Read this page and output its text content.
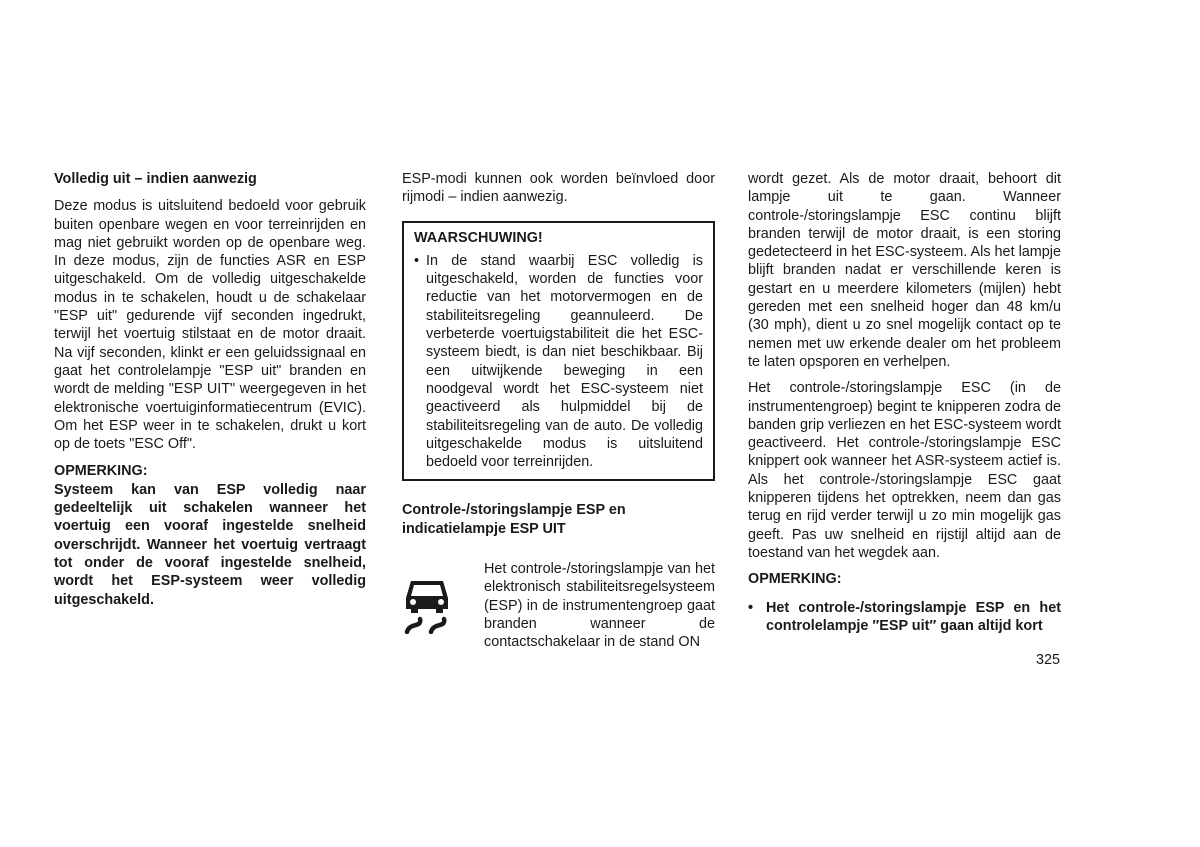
Volledig uit – indien aanwezig

Deze modus is uitsluitend bedoeld voor gebruik buiten openbare wegen en voor terreinrijden en mag niet gebruikt worden op de openbare weg. In deze modus, zijn de functies ASR en ESP uitgeschakeld. Om de volledig uitgeschakelde modus in te schakelen, houdt u de schakelaar "ESP uit" gedurende vijf seconden ingedrukt, terwijl het voertuig stilstaat en de motor draait. Na vijf seconden, klinkt er een geluidssignaal en gaat het controlelampje "ESP uit" branden en wordt de melding "ESP UIT" weergegeven in het elektronische voertuiginformatiecentrum (EVIC). Om het ESP weer in te schakelen, drukt u kort op de toets "ESC Off".

OPMERKING:

Systeem kan van ESP volledig naar gedeeltelijk uit schakelen wanneer het voertuig een vooraf ingestelde snelheid overschrijdt. Wanneer het voertuig vertraagt tot onder de vooraf ingestelde snelheid, wordt het ESP-systeem weer volledig uitgeschakeld.

ESP-modi kunnen ook worden beïnvloed door rijmodi – indien aanwezig.

WAARSCHUWING!
• In de stand waarbij ESC volledig is uitgeschakeld, worden de functies voor reductie van het motorvermogen en de stabiliteitsregeling geannuleerd. De verbeterde voertuigstabiliteit die het ESC-systeem biedt, is dan niet beschikbaar. Bij een uitwijkende beweging in een noodgeval wordt het ESC-systeem niet geactiveerd als hulpmiddel bij de stabiliteitsregeling van de auto. De volledig uitgeschakelde modus is uitsluitend bedoeld voor terreinrijden.

Controle-/storingslampje ESP en indicatielampje ESP UIT

Het controle-/storingslampje van het elektronisch stabiliteitsregelsysteem (ESP) in de instrumentengroep gaat branden wanneer de contactschakelaar in de stand ON

wordt gezet. Als de motor draait, behoort dit lampje uit te gaan. Wanneer controle-/storingslampje ESC continu blijft branden terwijl de motor draait, is een storing gedetecteerd in het ESC-systeem. Als het lampje blijft branden nadat er verschillende keren is gestart en u meerdere kilometers (mijlen) hebt gereden met een snelheid hoger dan 48 km/u (30 mph), dient u zo snel mogelijk contact op te nemen met uw erkende dealer om het probleem te laten opsporen en verhelpen.

Het controle-/storingslampje ESC (in de instrumentengroep) begint te knipperen zodra de banden grip verliezen en het ESC-systeem wordt geactiveerd. Het controle-/storingslampje ESC knippert ook wanneer het ASR-systeem actief is. Als het controle-/storingslampje ESC gaat knipperen tijdens het optrekken, neem dan gas terug en rijd verder terwijl u zo min mogelijk gas geeft. Pas uw snelheid en rijstijl altijd aan de toestand van het wegdek aan.

OPMERKING:

• Het controle-/storingslampje ESP en het controlelampje ″ESP uit″ gaan altijd kort
325
